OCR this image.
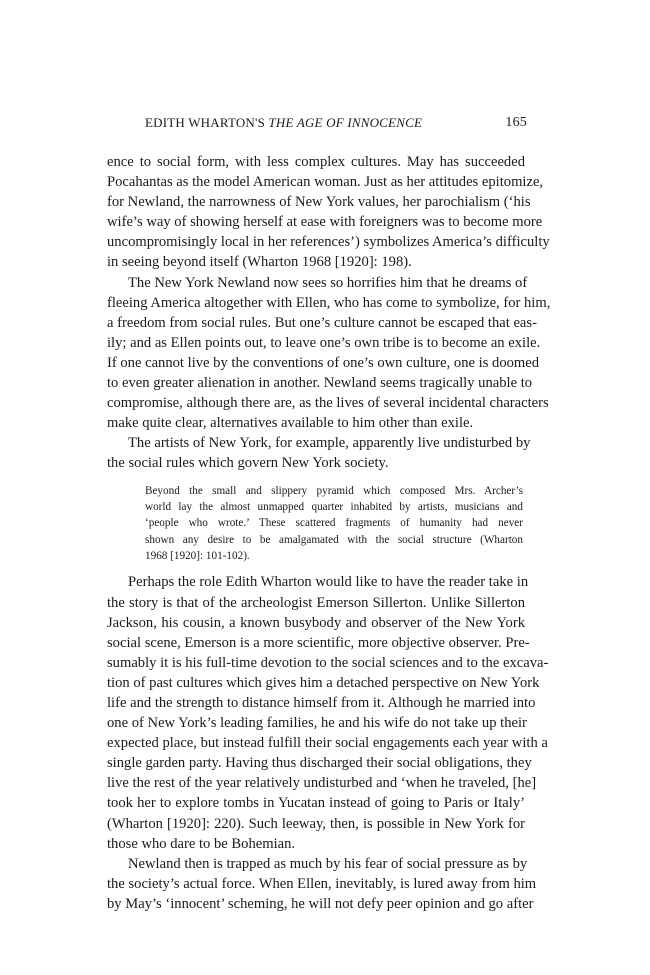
EDITH WHARTON'S THE AGE OF INNOCENCE	165
ence to social form, with less complex cultures. May has succeeded
Pocahantas as the model American woman. Just as her attitudes epitomize,
for Newland, the narrowness of New York values, her parochialism (‘his
wife’s way of showing herself at ease with foreigners was to become more
uncompromisingly local in her references’) symbolizes America’s difficulty
in seeing beyond itself (Wharton 1968 [1920]: 198).
The New York Newland now sees so horrifies him that he dreams of
fleeing America altogether with Ellen, who has come to symbolize, for him,
a freedom from social rules. But one’s culture cannot be escaped that eas-
ily; and as Ellen points out, to leave one’s own tribe is to become an exile.
If one cannot live by the conventions of one’s own culture, one is doomed
to even greater alienation in another. Newland seems tragically unable to
compromise, although there are, as the lives of several incidental characters
make quite clear, alternatives available to him other than exile.
The artists of New York, for example, apparently live undisturbed by
the social rules which govern New York society.
Beyond the small and slippery pyramid which composed Mrs. Archer’s
world lay the almost unmapped quarter inhabited by artists, musicians and
‘people who wrote.’ These scattered fragments of humanity had never
shown any desire to be amalgamated with the social structure (Wharton
1968 [1920]: 101-102).
Perhaps the role Edith Wharton would like to have the reader take in
the story is that of the archeologist Emerson Sillerton. Unlike Sillerton
Jackson, his cousin, a known busybody and observer of the New York
social scene, Emerson is a more scientific, more objective observer. Pre-
sumably it is his full-time devotion to the social sciences and to the excava-
tion of past cultures which gives him a detached perspective on New York
life and the strength to distance himself from it. Although he married into
one of New York’s leading families, he and his wife do not take up their
expected place, but instead fulfill their social engagements each year with a
single garden party. Having thus discharged their social obligations, they
live the rest of the year relatively undisturbed and ‘when he traveled, [he]
took her to explore tombs in Yucatan instead of going to Paris or Italy’
(Wharton [1920]: 220). Such leeway, then, is possible in New York for
those who dare to be Bohemian.
Newland then is trapped as much by his fear of social pressure as by
the society’s actual force. When Ellen, inevitably, is lured away from him
by May’s ‘innocent’ scheming, he will not defy peer opinion and go after
